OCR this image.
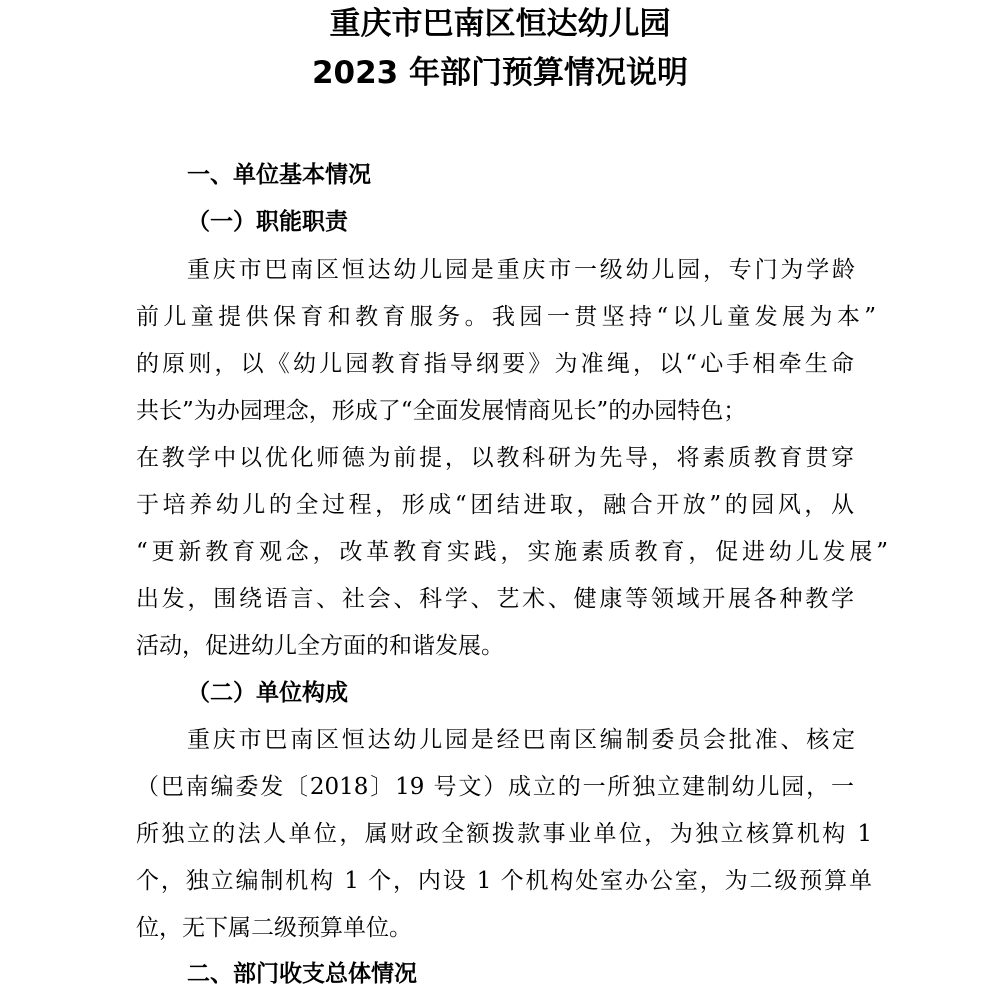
重庆市巴南区恒达幼儿园
2023 年部门预算情况说明
一、单位基本情况
（一）职能职责

重庆市巴南区恒达幼儿园是重庆市一级幼儿园，专门为学龄

前儿童提供保育和教育服务。我园一贯坚持“以儿童发展为本”

的原则，以《幼儿园教育指导纲要》为准绳，以“心手相牵生命

共长”为办园理念，形成了“全面发展情商见长”的办园特色；

在教学中以优化师德为前提，以教科研为先导，将素质教育贯穿

于培养幼儿的全过程，形成“团结进取，融合开放”的园风，从

“更新教育观念，改革教育实践，实施素质教育，促进幼儿发展”

出发，围绕语言、社会、科学、艺术、健康等领域开展各种教学

活动，促进幼儿全方面的和谐发展。

（二）单位构成

重庆市巴南区恒达幼儿园是经巴南区编制委员会批准、核定

（巴南编委发〔2018〕19 号文）成立的一所独立建制幼儿园，一

所独立的法人单位，属财政全额拨款事业单位，为独立核算机构 1

个，独立编制机构 1 个，内设 1 个机构处室办公室，为二级预算单

位，无下属二级预算单位。

二、部门收支总体情况
